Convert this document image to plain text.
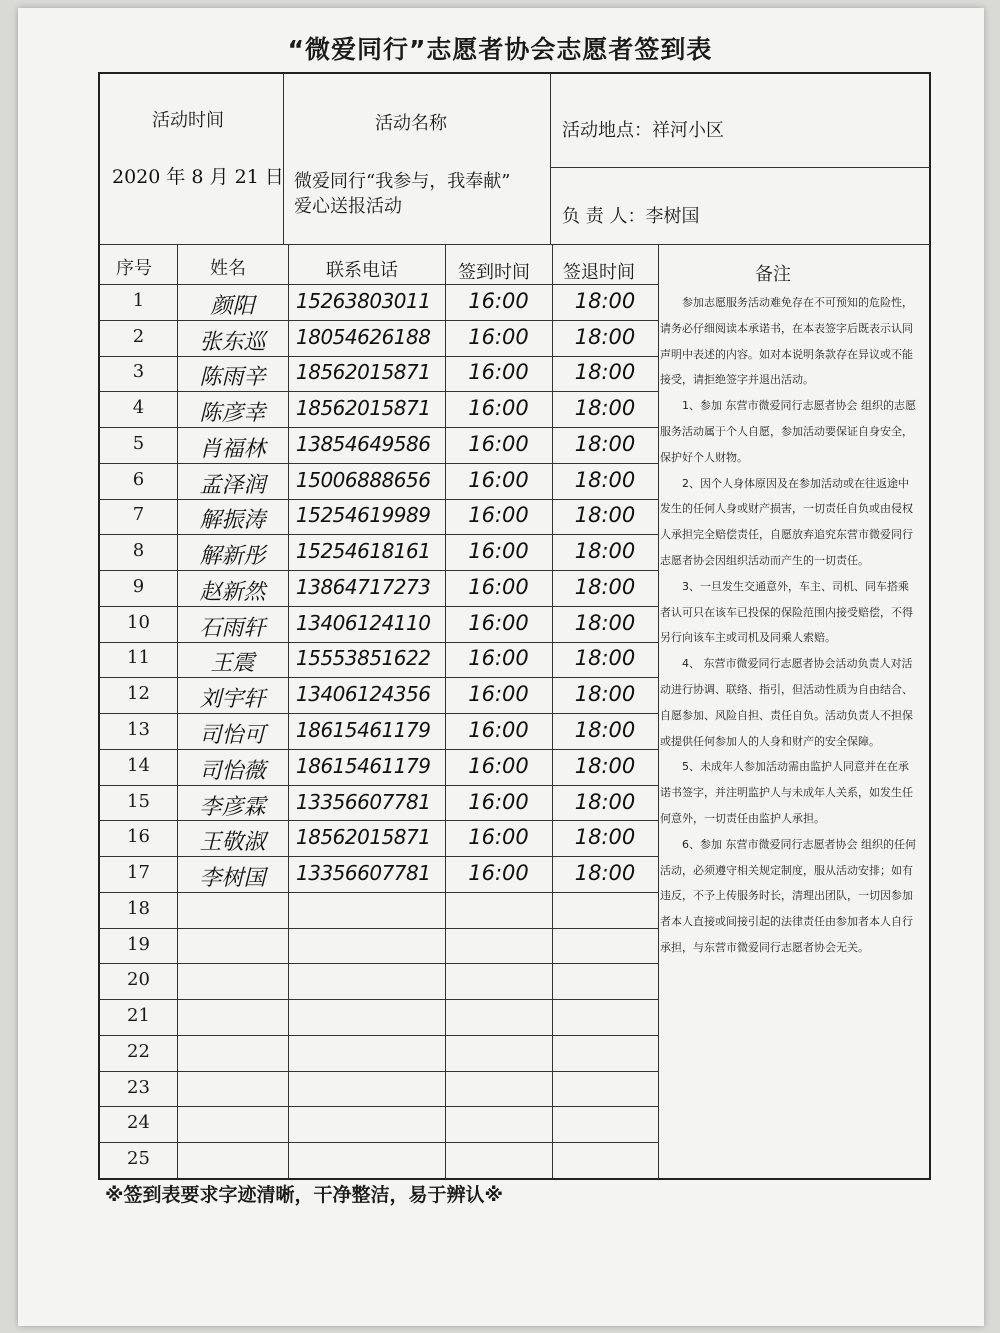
“微爱同行”志愿者协会志愿者签到表
活动时间
2020 年 8 月 21 日
活动名称
微爱同行“我参与，我奉献”
爱心送报活动
活动地点：祥河小区
负 责 人：李树国
序号	姓名	联系电话	签到时间 签退时间	备注
1	颜阳	15263803011	16:00	18:00
2	张东巡	18054626188	16:00	18:00
3	陈雨辛	18562015871	16:00	18:00
4	陈彦幸	18562015871	16:00	18:00
5	肖福林	13854649586	16:00	18:00
6	孟泽润	15006888656	16:00	18:00
7	解振涛	15254619989	16:00	18:00
8	解新彤	15254618161	16:00	18:00
9	赵新然	13864717273	16:00	18:00
10	石雨轩	13406124110	16:00	18:00
11	王震	15553851622	16:00	18:00
12	刘宇轩	13406124356	16:00	18:00
13	司怡可	18615461179	16:00	18:00
14	司怡薇	18615461179	16:00	18:00
15	李彦霖	13356607781	16:00	18:00
16	王敬淑	18562015871	16:00	18:00
17	李树国	13356607781	16:00	18:00
18
19
20
21
22
23
24
25

参加志愿服务活动难免存在不可预知的危险性，请务必仔细阅读本承诺书，在本表签字后既表示认同声明中表述的内容。如对本说明条款存在异议或不能接受，请拒绝签字并退出活动。

1、参加 东营市微爱同行志愿者协会 组织的志愿服务活动属于个人自愿，参加活动要保证自身安全，保护好个人财物。

2、因个人身体原因及在参加活动或在往返途中发生的任何人身或财产损害，一切责任自负或由侵权人承担完全赔偿责任，自愿放弃追究东营市微爱同行志愿者协会因组织活动而产生的一切责任。

3、一旦发生交通意外，车主、司机、同车搭乘者认可只在该车已投保的保险范围内接受赔偿，不得另行向该车主或司机及同乘人索赔。

4、 东营市微爱同行志愿者协会活动负责人对活动进行协调、联络、指引，但活动性质为自由结合、自愿参加、风险自担、责任自负。活动负责人不担保或提供任何参加人的人身和财产的安全保障。

5、未成年人参加活动需由监护人同意并在在承诺书签字，并注明监护人与未成年人关系，如发生任何意外，一切责任由监护人承担。

6、参加 东营市微爱同行志愿者协会 组织的任何活动，必须遵守相关规定制度，服从活动安排；如有违反，不予上传服务时长，清理出团队，一切因参加者本人直接或间接引起的法律责任由参加者本人自行承担，与东营市微爱同行志愿者协会无关。

※签到表要求字迹清晰，干净整洁，易于辨认※
